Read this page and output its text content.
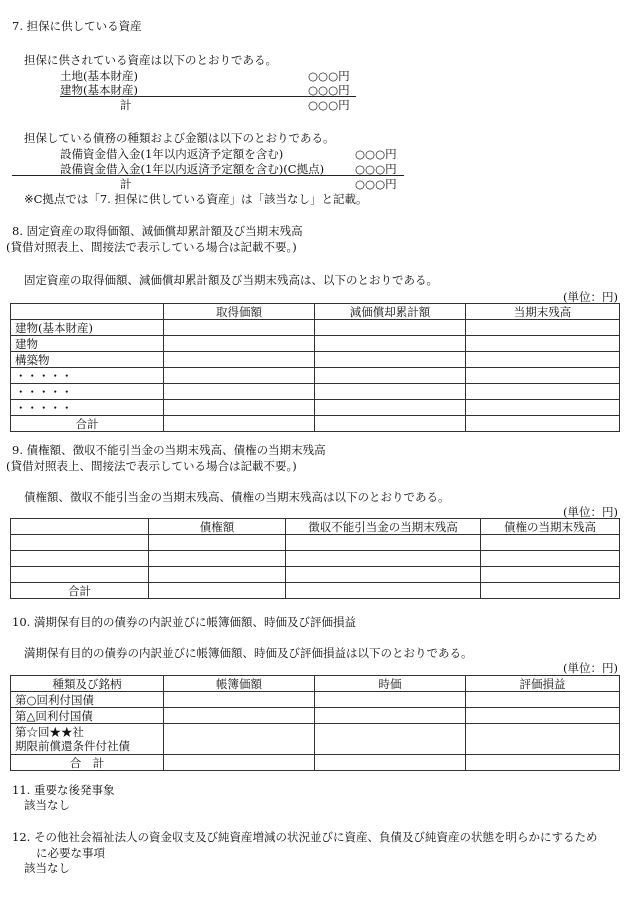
7. 担保に供している資産
担保に供されている資産は以下のとおりである。
土地(基本財産)	○○○円
建物(基本財産)	○○○円
計	○○○円
担保している債務の種類および金額は以下のとおりである。
設備資金借入金(1年以内返済予定額を含む)	○○○円
設備資金借入金(1年以内返済予定額を含む)(C拠点)	○○○円
計	○○○円
※C拠点では「7. 担保に供している資産」は「該当なし」と記載。
8. 固定資産の取得価額、減価償却累計額及び当期末残高
(貸借対照表上、間接法で表示している場合は記載不要。)
固定資産の取得価額、減価償却累計額及び当期末残高は、以下のとおりである。
(単位：円)
	取得価額	減価償却累計額	当期末残高
建物(基本財産)			
建物			
構築物			
・・・・・			
・・・・・			
・・・・・			
合計			
9. 債権額、徴収不能引当金の当期末残高、債権の当期末残高
(貸借対照表上、間接法で表示している場合は記載不要。)
債権額、徴収不能引当金の当期末残高、債権の当期末残高は以下のとおりである。
(単位：円)
	債権額	徴収不能引当金の当期末残高	債権の当期末残高

合計			
10. 満期保有目的の債券の内訳並びに帳簿価額、時価及び評価損益
満期保有目的の債券の内訳並びに帳簿価額、時価及び評価損益は以下のとおりである。
(単位：円)
種類及び銘柄	帳簿価額	時価	評価損益
第○回利付国債			
第△回利付国債			

第☆回★★社
期限前償還条件付社債			

合　計			
11. 重要な後発事象
該当なし
12. その他社会福祉法人の資金収支及び純資産増減の状況並びに資産、負債及び純資産の状態を明らかにするため
に必要な事項
該当なし
